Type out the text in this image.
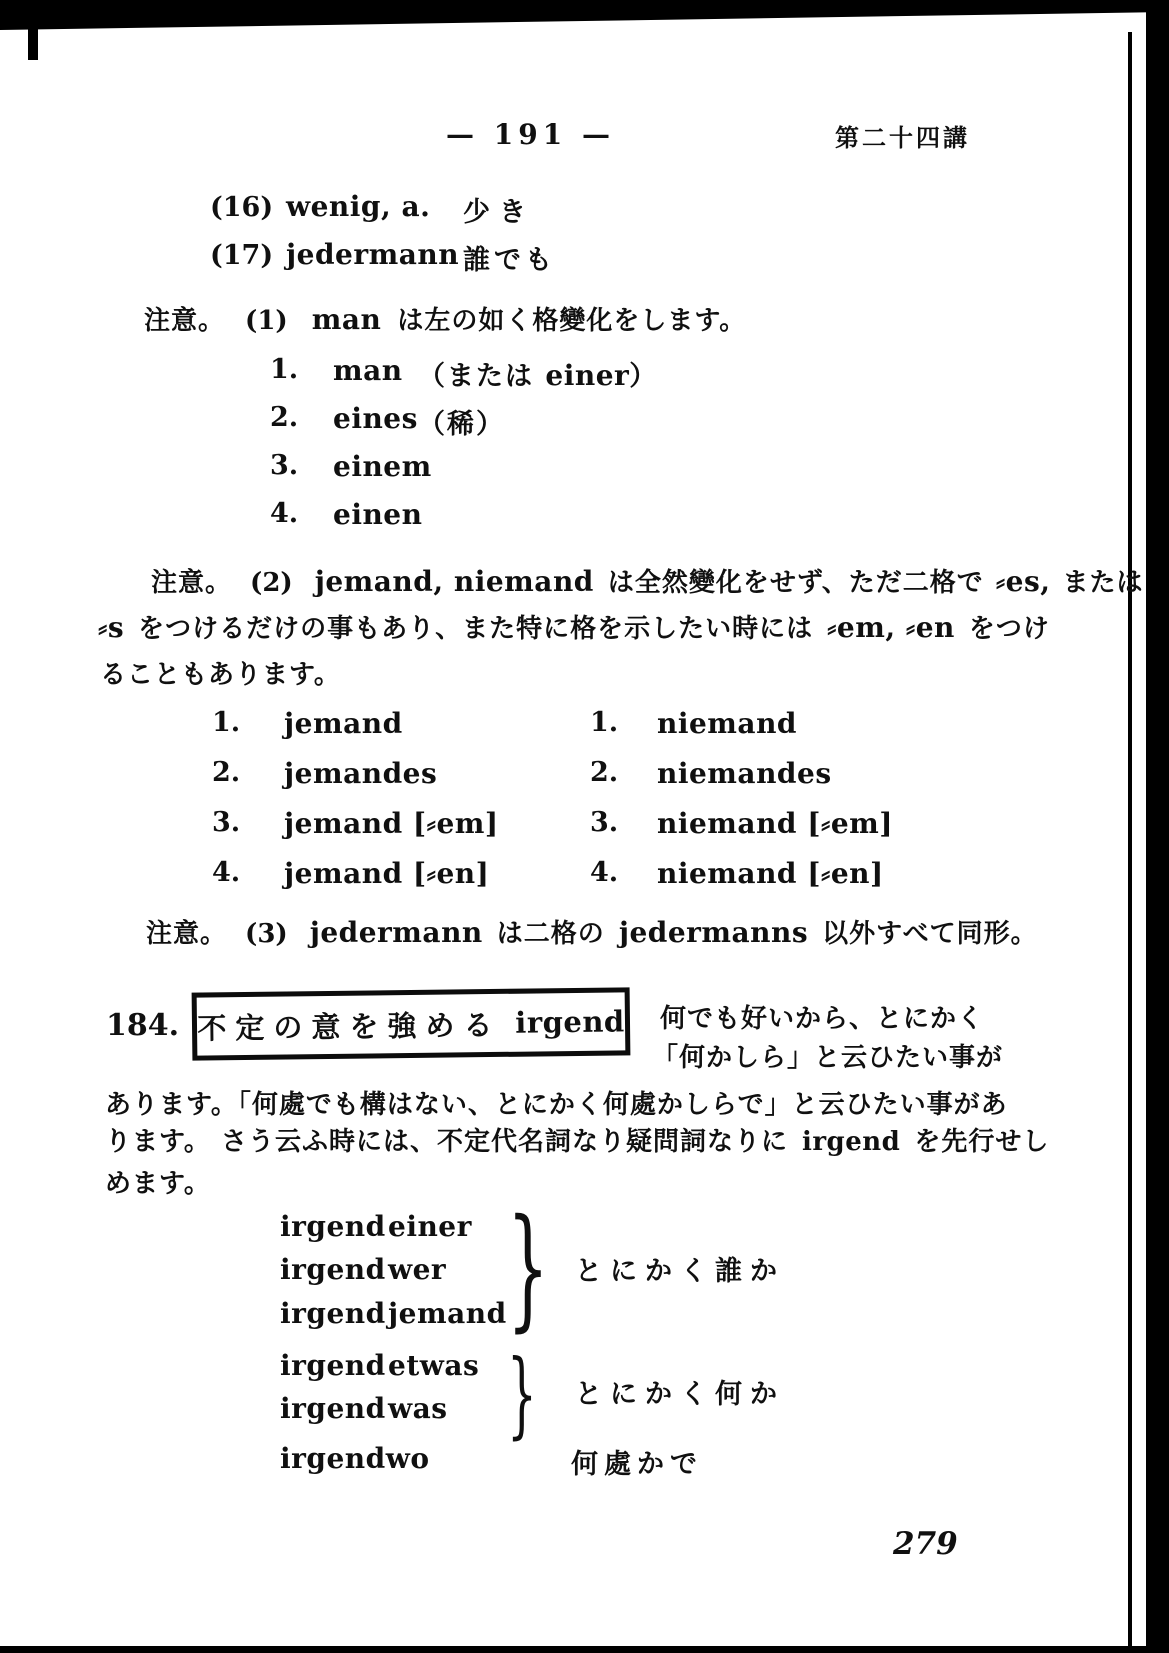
— 191 —	第二十四講
(16) wenig, a. 少き
(17) jedermann 誰でも
注意。 (1) man は左の如く格變化をします。
1. man （または einer）
2. eines （稀）
3. einem
4. einen
注意。 (2) jemand, niemand は全然變化をせず、ただ二格で ⸗es, または
⸗s をつけるだけの事もあり、また特に格を示したい時には ⸗em, ⸗en をつけ
ることもあります。
1. jemand	1. niemand
2. jemandes	2. niemandes
3. jemand [⸗em]	3. niemand [⸗em]
4. jemand [⸗en]	4. niemand [⸗en]
注意。 (3) jedermann は二格の jedermanns 以外すべて同形。
184. 不定の意を強める irgend 何でも好いから、とにかく
「何かしら」と云ひたい事が
あります。「何處でも構はない、とにかく何處かしらで」と云ひたい事があ
ります。 さう云ふ時には、不定代名詞なり疑問詞なりに irgend を先行せし
めます。
irgendeiner
irgendwer
irgendjemand } とにかく誰か
irgendetwas
irgendwas } とにかく何か
irgendwo	何處かで
279
